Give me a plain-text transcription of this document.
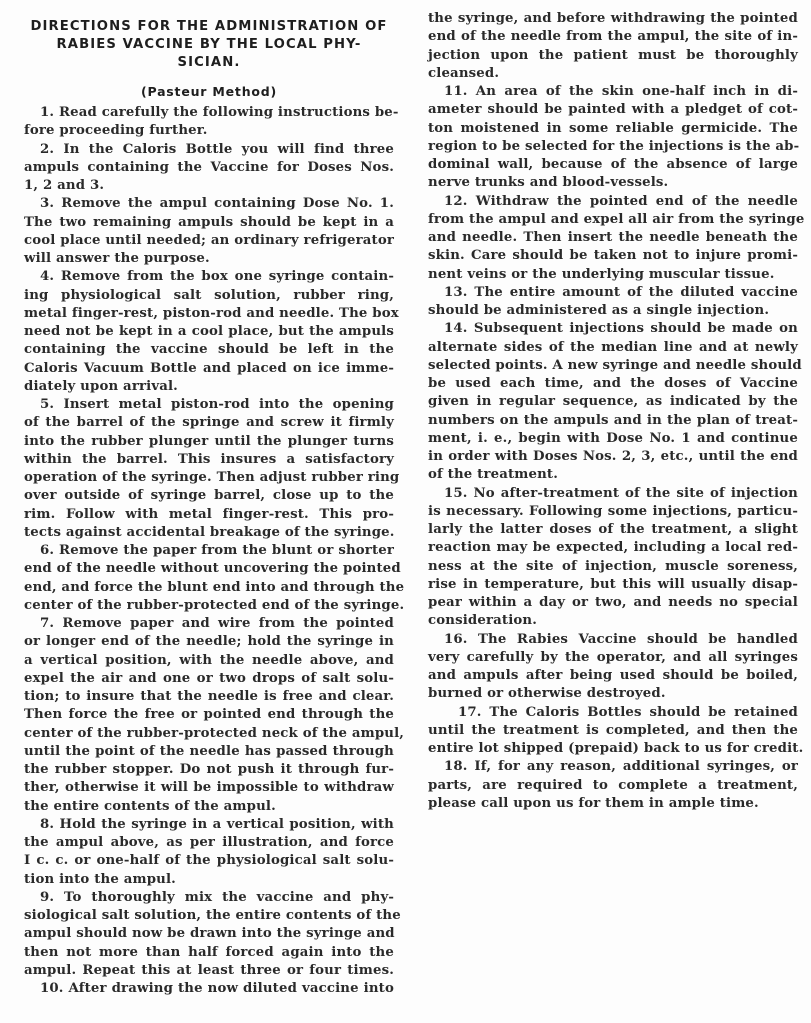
DIRECTIONS FOR THE ADMINISTRATION OF
RABIES VACCINE BY THE LOCAL PHY-
SICIAN.
(Pasteur Method)
1. Read carefully the following instructions be-
fore proceeding further.
2. In the Caloris Bottle you will find three
ampuls containing the Vaccine for Doses Nos.
1, 2 and 3.
3. Remove the ampul containing Dose No. 1.
The two remaining ampuls should be kept in a
cool place until needed; an ordinary refrigerator
will answer the purpose.
4. Remove from the box one syringe contain-
ing physiological salt solution, rubber ring,
metal finger-rest, piston-rod and needle. The box
need not be kept in a cool place, but the ampuls
containing the vaccine should be left in the
Caloris Vacuum Bottle and placed on ice imme-
diately upon arrival.
5. Insert metal piston-rod into the opening
of the barrel of the springe and screw it firmly
into the rubber plunger until the plunger turns
within the barrel. This insures a satisfactory
operation of the syringe. Then adjust rubber ring
over outside of syringe barrel, close up to the
rim. Follow with metal finger-rest. This pro-
tects against accidental breakage of the syringe.
6. Remove the paper from the blunt or shorter
end of the needle without uncovering the pointed
end, and force the blunt end into and through the
center of the rubber-protected end of the syringe.
7. Remove paper and wire from the pointed
or longer end of the needle; hold the syringe in
a vertical position, with the needle above, and
expel the air and one or two drops of salt solu-
tion; to insure that the needle is free and clear.
Then force the free or pointed end through the
center of the rubber-protected neck of the ampul,
until the point of the needle has passed through
the rubber stopper. Do not push it through fur-
ther, otherwise it will be impossible to withdraw
the entire contents of the ampul.
8. Hold the syringe in a vertical position, with
the ampul above, as per illustration, and force
I c. c. or one-half of the physiological salt solu-
tion into the ampul.
9. To thoroughly mix the vaccine and phy-
siological salt solution, the entire contents of the
ampul should now be drawn into the syringe and
then not more than half forced again into the
ampul. Repeat this at least three or four times.
10. After drawing the now diluted vaccine into
the syringe, and before withdrawing the pointed
end of the needle from the ampul, the site of in-
jection upon the patient must be thoroughly
cleansed.
11. An area of the skin one-half inch in di-
ameter should be painted with a pledget of cot-
ton moistened in some reliable germicide. The
region to be selected for the injections is the ab-
dominal wall, because of the absence of large
nerve trunks and blood-vessels.
12. Withdraw the pointed end of the needle
from the ampul and expel all air from the syringe
and needle. Then insert the needle beneath the
skin. Care should be taken not to injure promi-
nent veins or the underlying muscular tissue.
13. The entire amount of the diluted vaccine
should be administered as a single injection.
14. Subsequent injections should be made on
alternate sides of the median line and at newly
selected points. A new syringe and needle should
be used each time, and the doses of Vaccine
given in regular sequence, as indicated by the
numbers on the ampuls and in the plan of treat-
ment, i. e., begin with Dose No. 1 and continue
in order with Doses Nos. 2, 3, etc., until the end
of the treatment.
15. No after-treatment of the site of injection
is necessary. Following some injections, particu-
larly the latter doses of the treatment, a slight
reaction may be expected, including a local red-
ness at the site of injection, muscle soreness,
rise in temperature, but this will usually disap-
pear within a day or two, and needs no special
consideration.
16. The Rabies Vaccine should be handled
very carefully by the operator, and all syringes
and ampuls after being used should be boiled,
burned or otherwise destroyed.
17. The Caloris Bottles should be retained
until the treatment is completed, and then the
entire lot shipped (prepaid) back to us for credit.
18. If, for any reason, additional syringes, or
parts, are required to complete a treatment,
please call upon us for them in ample time.
